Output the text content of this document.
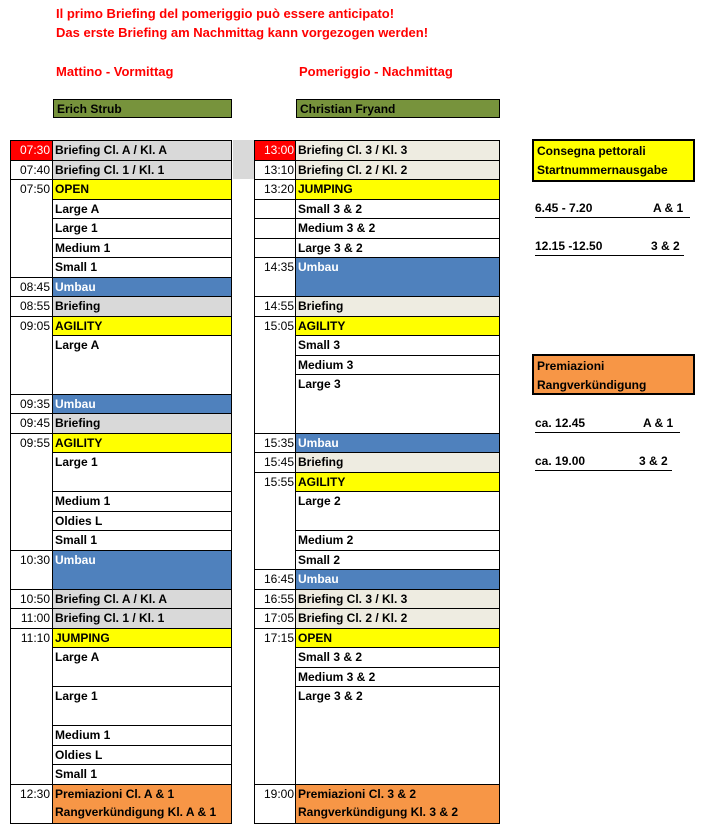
Il primo Briefing del pomeriggio può essere anticipato!
Das erste Briefing am Nachmittag kann vorgezogen werden!
Mattino - Vormittag	Pomeriggio - Nachmittag
Erich Strub	Christian Fryand
07:30 Briefing Cl. A / Kl. A
07:40 Briefing Cl. 1 / Kl. 1
07:50 OPEN
Large A
Large 1
Medium 1
Small 1
08:45 Umbau
08:55 Briefing
09:05 AGILITY
Large A
09:35 Umbau
09:45 Briefing
09:55 AGILITY
Large 1
Medium 1
Oldies L
Small 1
10:30 Umbau
10:50 Briefing Cl. A / Kl. A
11:00 Briefing Cl. 1 / Kl. 1
11:10 JUMPING
Large A
Large 1
Medium 1
Oldies L
Small 1
12:30 Premiazioni Cl. A & 1
Rangverkündigung Kl. A & 1
13:00 Briefing Cl. 3 / Kl. 3
13:10 Briefing Cl. 2 / Kl. 2
13:20 JUMPING
Small 3 & 2
Medium 3 & 2
Large 3 & 2
14:35 Umbau
14:55 Briefing
15:05 AGILITY
Small 3
Medium 3
Large 3
15:35 Umbau
15:45 Briefing
15:55 AGILITY
Large 2
Medium 2
Small 2
16:45 Umbau
16:55 Briefing Cl. 3 / Kl. 3
17:05 Briefing Cl. 2 / Kl. 2
17:15 OPEN
Small 3 & 2
Medium 3 & 2
Large 3 & 2
19:00 Premiazioni Cl. 3 & 2
Rangverkündigung Kl. 3 & 2
Consegna pettorali
Startnummernausgabe
6.45 - 7.20	A & 1
12.15 -12.50	3 & 2
Premiazioni
Rangverkündigung
ca. 12.45	A & 1
ca. 19.00	3 & 2
